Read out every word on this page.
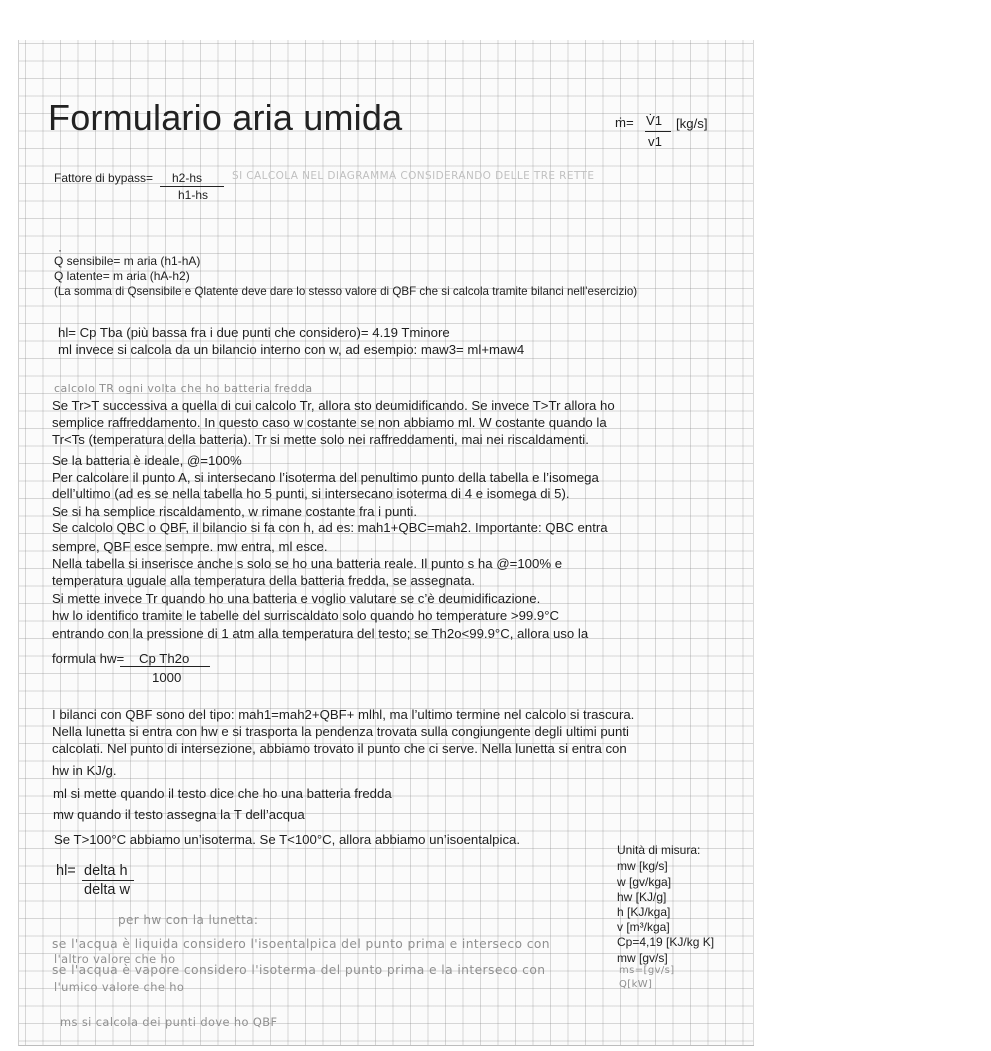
Formulario aria umida	ṁ= V̇1 [kg/s]
v1
Fattore di bypass= h2-hs
h1-hs
SI CALCOLA NEL DIAGRAMMA CONSIDERANDO DELLE TRE RETTE
·
Q sensibile= m aria (h1-hA)
Q latente= m aria (hA-h2)
(La somma di Qsensibile e Qlatente deve dare lo stesso valore di QBF che si calcola tramite bilanci nell’esercizio)
hl= Cp Tba (più bassa fra i due punti che considero)= 4.19 Tminore
ml invece si calcola da un bilancio interno con w, ad esempio: maw3= ml+maw4
calcolo TR ogni volta che ho batteria fredda
Se Tr>T successiva a quella di cui calcolo Tr, allora sto deumidificando. Se invece T>Tr allora ho
semplice raffreddamento. In questo caso w costante se non abbiamo ml. W costante quando la
Tr<Ts (temperatura della batteria). Tr si mette solo nei raffreddamenti, mai nei riscaldamenti.
Se la batteria è ideale, @=100%
Per calcolare il punto A, si intersecano l’isoterma del penultimo punto della tabella e l’isomega
dell’ultimo (ad es se nella tabella ho 5 punti, si intersecano isoterma di 4 e isomega di 5).
Se si ha semplice riscaldamento, w rimane costante fra i punti.
Se calcolo QBC o QBF, il bilancio si fa con h, ad es: mah1+QBC=mah2. Importante: QBC entra
sempre, QBF esce sempre. mw entra, ml esce.
Nella tabella si inserisce anche s solo se ho una batteria reale. Il punto s ha @=100% e
temperatura uguale alla temperatura della batteria fredda, se assegnata.
Si mette invece Tr quando ho una batteria e voglio valutare se c’è deumidificazione.
hw lo identifico tramite le tabelle del surriscaldato solo quando ho temperature >99.9°C
entrando con la pressione di 1 atm alla temperatura del testo; se Th2o<99.9°C, allora uso la
formula hw= Cp Th2o
1000
I bilanci con QBF sono del tipo: mah1=mah2+QBF+ mlhl, ma l’ultimo termine nel calcolo si trascura.
Nella lunetta si entra con hw e si trasporta la pendenza trovata sulla congiungente degli ultimi punti
calcolati. Nel punto di intersezione, abbiamo trovato il punto che ci serve. Nella lunetta si entra con
hw in KJ/g.
ml si mette quando il testo dice che ho una batteria fredda
mw quando il testo assegna la T dell’acqua
Se T>100°C abbiamo un’isoterma. Se T<100°C, allora abbiamo un’isoentalpica.
hl= delta h
delta w
per hw con la lunetta:
se l'acqua è liquida considero l'isoentalpica del punto prima e interseco con
l'altro valore che ho
se l'acqua è vapore considero l'isoterma del punto prima e la interseco con
l'umico valore che ho
ms si calcola dei punti dove ho QBF
Unità di misura:
mw [kg/s]
w [gv/kga]
hw [KJ/g]
h [KJ/kga]
v [m³/kga]
Cp=4,19 [KJ/kg K]
mw [gv/s]
ms=[gv/s]
Q[kW]
